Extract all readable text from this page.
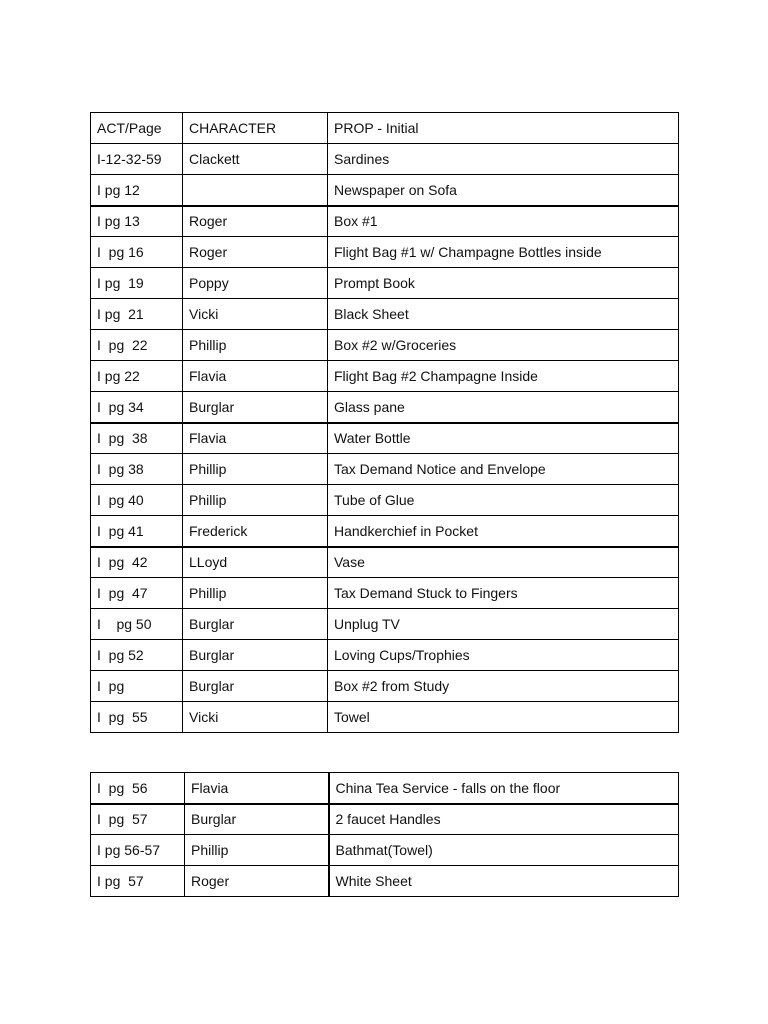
ACT/Page	CHARACTER	PROP - Initial
I-12-32-59	Clackett	Sardines
I pg 12		Newspaper on Sofa
I pg 13	Roger	Box #1
I  pg 16	Roger	Flight Bag #1 w/ Champagne Bottles inside
I pg  19	Poppy	Prompt Book
I pg  21	Vicki	Black Sheet
I  pg  22	Phillip	Box #2 w/Groceries
I pg 22	Flavia	Flight Bag #2 Champagne Inside
I  pg 34	Burglar	Glass pane
I  pg  38	Flavia	Water Bottle
I  pg 38	Phillip	Tax Demand Notice and Envelope
I  pg 40	Phillip	Tube of Glue
I  pg 41	Frederick	Handkerchief in Pocket
I  pg  42	LLoyd	Vase
I  pg  47	Phillip	Tax Demand Stuck to Fingers
I    pg 50	Burglar	Unplug TV
I  pg 52	Burglar	Loving Cups/Trophies
I  pg	Burglar	Box #2 from Study
I  pg  55	Vicki	Towel
I  pg  56	Flavia	China Tea Service - falls on the floor
I  pg  57	Burglar	2 faucet Handles
I pg 56-57	Phillip	Bathmat(Towel)
I pg  57	Roger	White Sheet
